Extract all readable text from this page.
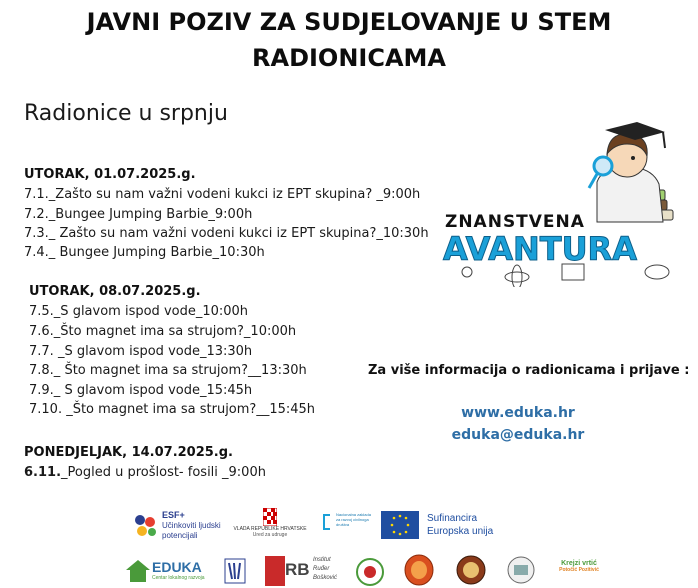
JAVNI POZIV ZA SUDJELOVANJE U STEM
RADIONICAMA
Radionice u srpnju
UTORAK, 01.07.2025.g.
7.1._Zašto su nam važni vodeni kukci iz EPT skupina? _9:00h
7.2._Bungee Jumping Barbie_9:00h
7.3._ Zašto su nam važni vodeni kukci iz EPT skupina?_10:30h
7.4._ Bungee Jumping Barbie_10:30h
UTORAK, 08.07.2025.g.
7.5._S glavom ispod vode_10:00h
7.6._Što magnet ima sa strujom?_10:00h
7.7. _S glavom ispod vode_13:30h
7.8._ Što magnet ima sa strujom?__13:30h
7.9._ S glavom ispod vode_15:45h
7.10. _Što magnet ima sa strujom?__15:45h
PONEDJELJAK, 14.07.2025.g.
6.11._Pogled u prošlost- fosili _9:00h
ZNANSTVENA
AVANTURA
Za više informacija o radionicama i prijave :
www.eduka.hr
eduka@eduka.hr
ESF+
Učinkoviti ljudski
potencijali
VLADA REPUBLIKE HRVATSKE
Ured za udruge
Nacionalna zaklada za razvoj civilnoga društva
Sufinancira
Europska unija
EDUKA
Centar lokalnog razvoja	RB Institut
Ruđer
Bošković
Krejzi vrtić
Potočić Pozitivić
